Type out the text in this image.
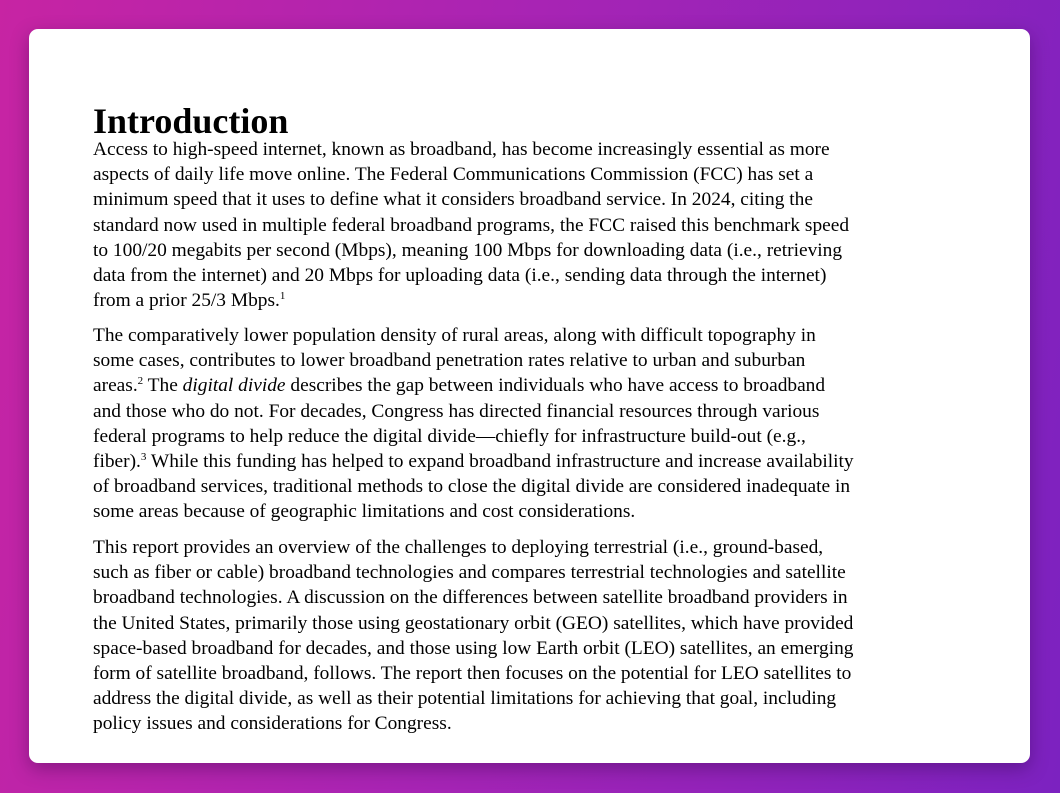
Introduction

Access to high-speed internet, known as broadband, has become increasingly essential as more
aspects of daily life move online. The Federal Communications Commission (FCC) has set a
minimum speed that it uses to define what it considers broadband service. In 2024, citing the
standard now used in multiple federal broadband programs, the FCC raised this benchmark speed
to 100/20 megabits per second (Mbps), meaning 100 Mbps for downloading data (i.e., retrieving
data from the internet) and 20 Mbps for uploading data (i.e., sending data through the internet)
from a prior 25/3 Mbps.$^1$

The comparatively lower population density of rural areas, along with difficult topography in
some cases, contributes to lower broadband penetration rates relative to urban and suburban
areas.$^2$ The digital divide describes the gap between individuals who have access to broadband
and those who do not. For decades, Congress has directed financial resources through various
federal programs to help reduce the digital divide—chiefly for infrastructure build-out (e.g.,
fiber).$^3$ While this funding has helped to expand broadband infrastructure and increase availability
of broadband services, traditional methods to close the digital divide are considered inadequate in
some areas because of geographic limitations and cost considerations.

This report provides an overview of the challenges to deploying terrestrial (i.e., ground-based,
such as fiber or cable) broadband technologies and compares terrestrial technologies and satellite
broadband technologies. A discussion on the differences between satellite broadband providers in
the United States, primarily those using geostationary orbit (GEO) satellites, which have provided
space-based broadband for decades, and those using low Earth orbit (LEO) satellites, an emerging
form of satellite broadband, follows. The report then focuses on the potential for LEO satellites to
address the digital divide, as well as their potential limitations for achieving that goal, including
policy issues and considerations for Congress.
